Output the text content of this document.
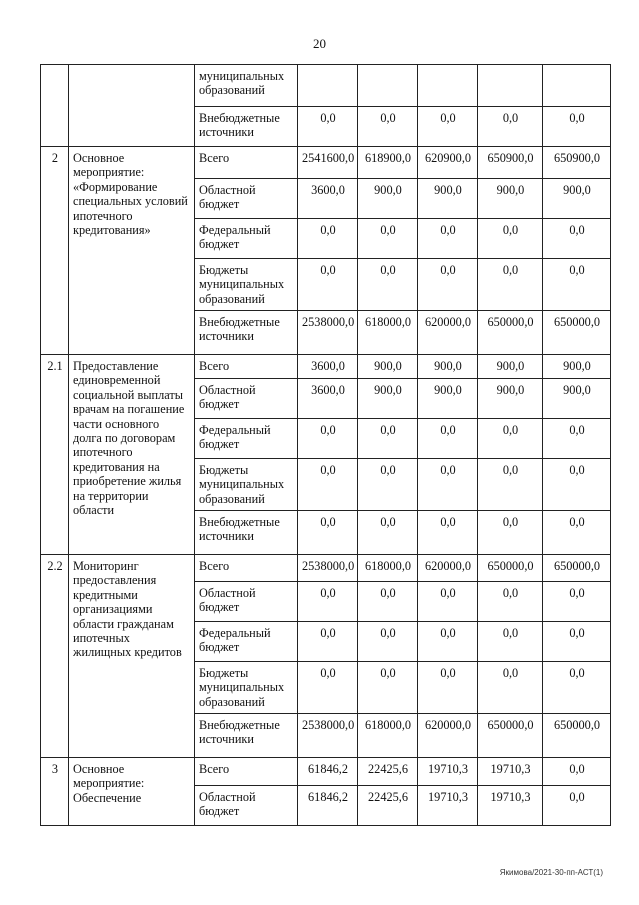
20
		муниципальных образований					
		Внебюджетные источники	0,0	0,0	0,0	0,0	0,0
2	Основное мероприятие: «Формирование специальных условий ипотечного кредитования»	Всего	2541600,0	618900,0	620900,0	650900,0	650900,0
		Областной бюджет	3600,0	900,0	900,0	900,0	900,0
		Федеральный бюджет	0,0	0,0	0,0	0,0	0,0
		Бюджеты муниципальных образований	0,0	0,0	0,0	0,0	0,0
		Внебюджетные источники	2538000,0	618000,0	620000,0	650000,0	650000,0
2.1	Предоставление единовременной социальной выплаты врачам на погашение части основного долга по договорам ипотечного кредитования на приобретение жилья на территории области	Всего	3600,0	900,0	900,0	900,0	900,0
		Областной бюджет	3600,0	900,0	900,0	900,0	900,0
		Федеральный бюджет	0,0	0,0	0,0	0,0	0,0
		Бюджеты муниципальных образований	0,0	0,0	0,0	0,0	0,0
		Внебюджетные источники	0,0	0,0	0,0	0,0	0,0
2.2	Мониторинг предоставления кредитными организациями области гражданам ипотечных жилищных кредитов	Всего	2538000,0	618000,0	620000,0	650000,0	650000,0
		Областной бюджет	0,0	0,0	0,0	0,0	0,0
		Федеральный бюджет	0,0	0,0	0,0	0,0	0,0
		Бюджеты муниципальных образований	0,0	0,0	0,0	0,0	0,0
		Внебюджетные источники	2538000,0	618000,0	620000,0	650000,0	650000,0
3	Основное мероприятие: Обеспечение	Всего	61846,2	22425,6	19710,3	19710,3	0,0
		Областной бюджет	61846,2	22425,6	19710,3	19710,3	0,0
Якимова/2021-30-пп-АСТ(1)
